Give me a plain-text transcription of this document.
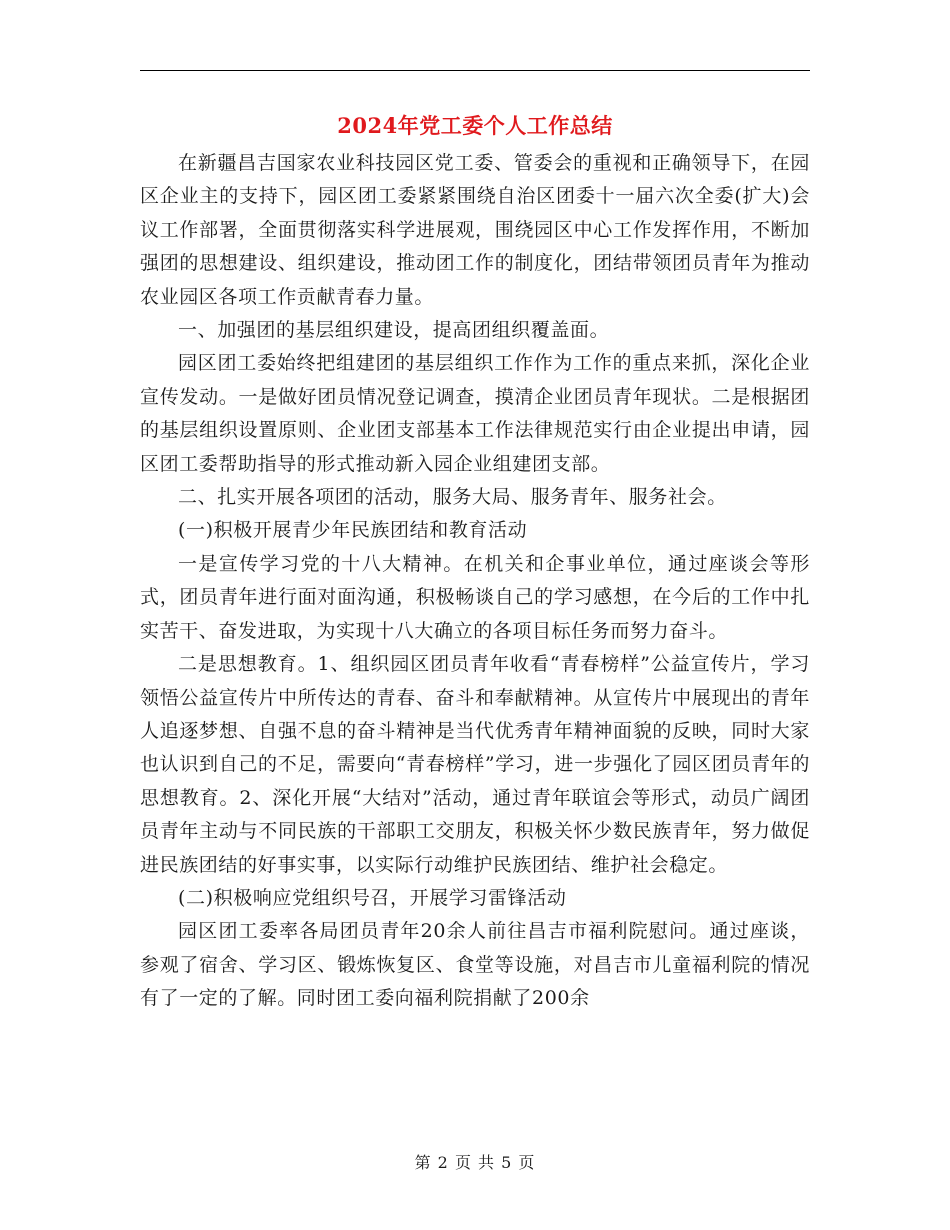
2024年党工委个人工作总结

在新疆昌吉国家农业科技园区党工委、管委会的重视和正确领导下，在园区企业主的支持下，园区团工委紧紧围绕自治区团委十一届六次全委(扩大)会议工作部署，全面贯彻落实科学进展观，围绕园区中心工作发挥作用，不断加强团的思想建设、组织建设，推动团工作的制度化，团结带领团员青年为推动农业园区各项工作贡献青春力量。

一、加强团的基层组织建设，提高团组织覆盖面。

园区团工委始终把组建团的基层组织工作作为工作的重点来抓，深化企业宣传发动。一是做好团员情况登记调查，摸清企业团员青年现状。二是根据团的基层组织设置原则、企业团支部基本工作法律规范实行由企业提出申请，园区团工委帮助指导的形式推动新入园企业组建团支部。

二、扎实开展各项团的活动，服务大局、服务青年、服务社会。

(一)积极开展青少年民族团结和教育活动

一是宣传学习党的十八大精神。在机关和企事业单位，通过座谈会等形式，团员青年进行面对面沟通，积极畅谈自己的学习感想，在今后的工作中扎实苦干、奋发进取，为实现十八大确立的各项目标任务而努力奋斗。

二是思想教育。1、组织园区团员青年收看“青春榜样”公益宣传片，学习领悟公益宣传片中所传达的青春、奋斗和奉献精神。从宣传片中展现出的青年人追逐梦想、自强不息的奋斗精神是当代优秀青年精神面貌的反映，同时大家也认识到自己的不足，需要向“青春榜样”学习，进一步强化了园区团员青年的思想教育。2、深化开展“大结对”活动，通过青年联谊会等形式，动员广阔团员青年主动与不同民族的干部职工交朋友，积极关怀少数民族青年，努力做促进民族团结的好事实事，以实际行动维护民族团结、维护社会稳定。

(二)积极响应党组织号召，开展学习雷锋活动

园区团工委率各局团员青年20余人前往昌吉市福利院慰问。通过座谈，参观了宿舍、学习区、锻炼恢复区、食堂等设施，对昌吉市儿童福利院的情况有了一定的了解。同时团工委向福利院捐献了200余

第 2 页 共 5 页
